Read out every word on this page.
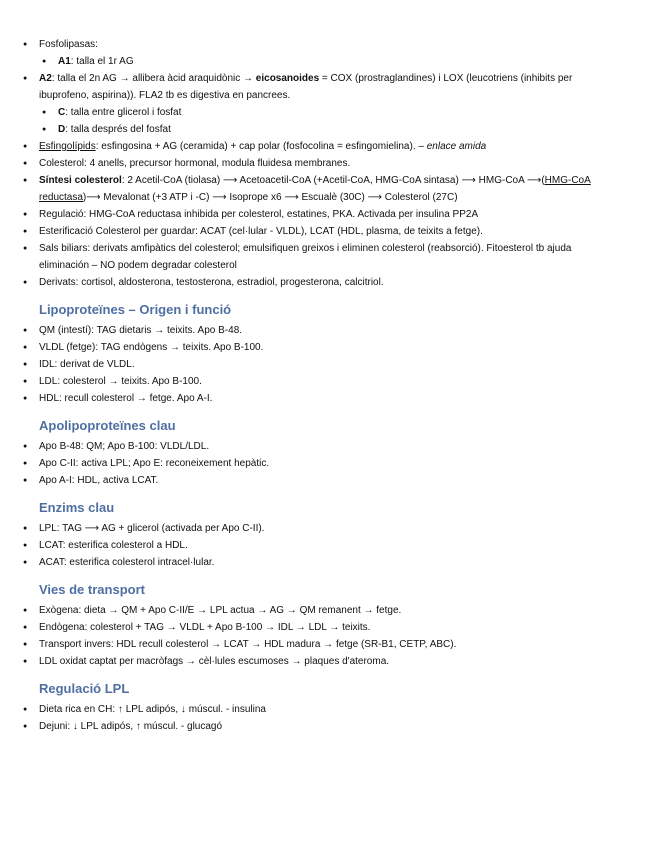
● Fosfolipasas:
● A1: talla el 1r AG
● A2: talla el 2n AG → allibera àcid araquidònic → eicosanoides = COX (prostraglandines) i LOX (leucotriens (inhibits per ibuprofeno, aspirina)). FLA2 tb es digestiva en pancrees.
● C: talla entre glicerol i fosfat
● D: talla després del fosfat
● Esfingolípids: esfingosina + AG (ceramida) + cap polar (fosfocolina = esfingomielina). – enlace amida
● Colesterol: 4 anells, precursor hormonal, modula fluidesa membranes.
● Síntesi colesterol: 2 Acetil-CoA (tiolasa) ⟶ Acetoacetil-CoA (+Acetil-CoA, HMG-CoA sintasa) ⟶ HMG-CoA ⟶(HMG-CoA reductasa)⟶ Mevalonat (+3 ATP i -C) ⟶ Isoprope x6 ⟶ Escualè (30C) ⟶ Colesterol (27C)
● Regulació: HMG-CoA reductasa inhibida per colesterol, estatines, PKA. Activada per insulina PP2A
● Esterificació Colesterol per guardar: ACAT (cel·lular - VLDL), LCAT (HDL, plasma, de teixits a fetge).
● Sals biliars: derivats amfipàtics del colesterol; emulsifiquen greixos i eliminen colesterol (reabsorció). Fitoesterol tb ajuda eliminación – NO podem degradar colesterol
● Derivats: cortisol, aldosterona, testosterona, estradiol, progesterona, calcitriol.
Lipoproteïnes – Origen i funció
● QM (intestí): TAG dietaris → teixits. Apo B-48.
● VLDL (fetge): TAG endògens → teixits. Apo B-100.
● IDL: derivat de VLDL.
● LDL: colesterol → teixits. Apo B-100.
● HDL: recull colesterol → fetge. Apo A-I.
Apolipoproteïnes clau
● Apo B-48: QM; Apo B-100: VLDL/LDL.
● Apo C-II: activa LPL; Apo E: reconeixement hepàtic.
● Apo A-I: HDL, activa LCAT.
Enzims clau
● LPL: TAG ⟶ AG + glicerol (activada per Apo C-II).
● LCAT: esterifica colesterol a HDL.
● ACAT: esterifica colesterol intracel·lular.
Vies de transport
● Exògena: dieta → QM + Apo C-II/E → LPL actua → AG → QM remanent → fetge.
● Endògena: colesterol + TAG → VLDL + Apo B-100 → IDL → LDL → teixits.
● Transport invers: HDL recull colesterol → LCAT → HDL madura → fetge (SR-B1, CETP, ABC).
● LDL oxidat captat per macròfags → cèl·lules escumoses → plaques d'ateroma.
Regulació LPL
● Dieta rica en CH: ↑ LPL adipós, ↓ múscul. - insulina
● Dejuni: ↓ LPL adipós, ↑ múscul. - glucagó
